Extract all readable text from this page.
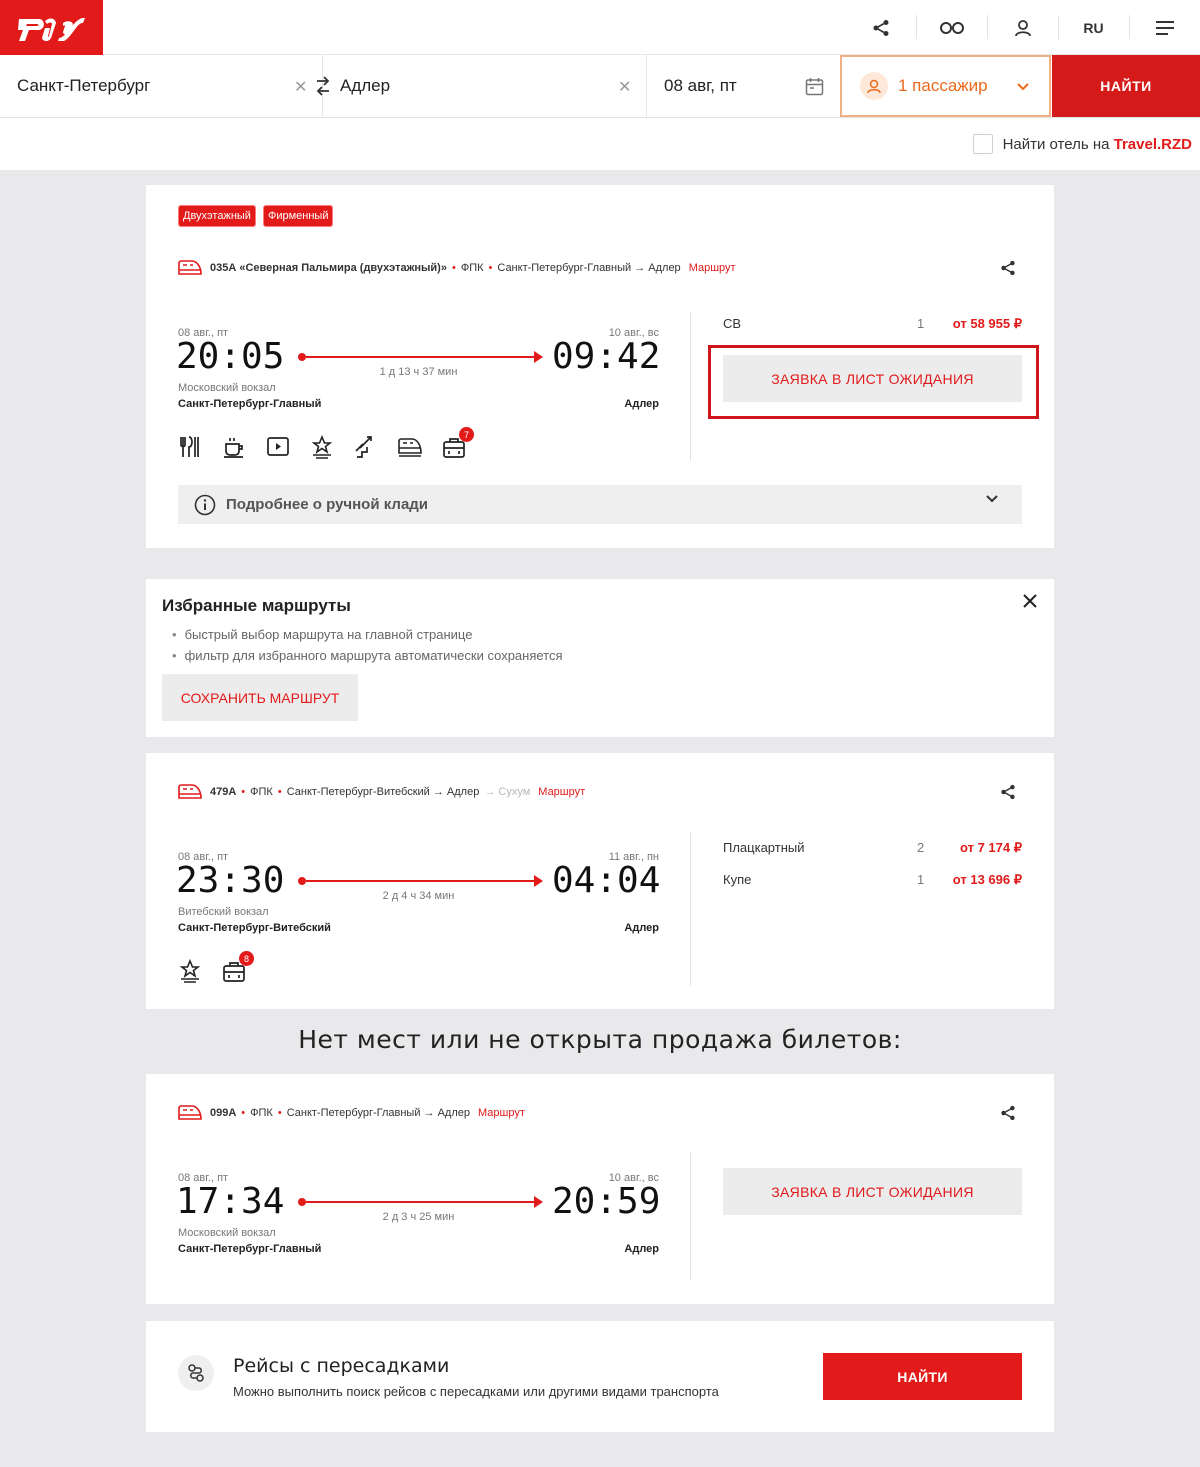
RU
Санкт-Петербург	✕ Адлер	✕ 08 авг, пт	1 пассажир	НАЙТИ
Найти отель на
Travel.RZD
Двухэтажный	Фирменный
035А «Северная Пальмира (двухэтажный)» • ФПК • Санкт-Петербург-Главный → Адлер Маршрут
08 авг., пт	10 авг., вс
20:05	09:42
1 д 13 ч 37 мин
Московский вокзал
Санкт-Петербург-Главный	Адлер
7
СВ	1 от 58 955 ₽
ЗАЯВКА В ЛИСТ ОЖИДАНИЯ
Подробнее о ручной клади
Избранные маршруты
• быстрый выбор маршрута на главной странице
• фильтр для избранного маршрута автоматически сохраняется
СОХРАНИТЬ МАРШРУТ
479А • ФПК • Санкт-Петербург-Витебский → Адлер → Сухум Маршрут
08 авг., пт	11 авг., пн
23:30	04:04
2 д 4 ч 34 мин
Витебский вокзал
Санкт-Петербург-Витебский	Адлер
8
Плацкартный	2	от 7 174 ₽
Купе	1 от 13 696 ₽
Нет мест или не открыта продажа билетов:
099А • ФПК • Санкт-Петербург-Главный → Адлер Маршрут
08 авг., пт	10 авг., вс
17:34	20:59
2 д 3 ч 25 мин
Московский вокзал
Санкт-Петербург-Главный	Адлер
ЗАЯВКА В ЛИСТ ОЖИДАНИЯ
Рейсы с пересадками
Можно выполнить поиск рейсов с пересадками или другими видами транспорта
НАЙТИ
